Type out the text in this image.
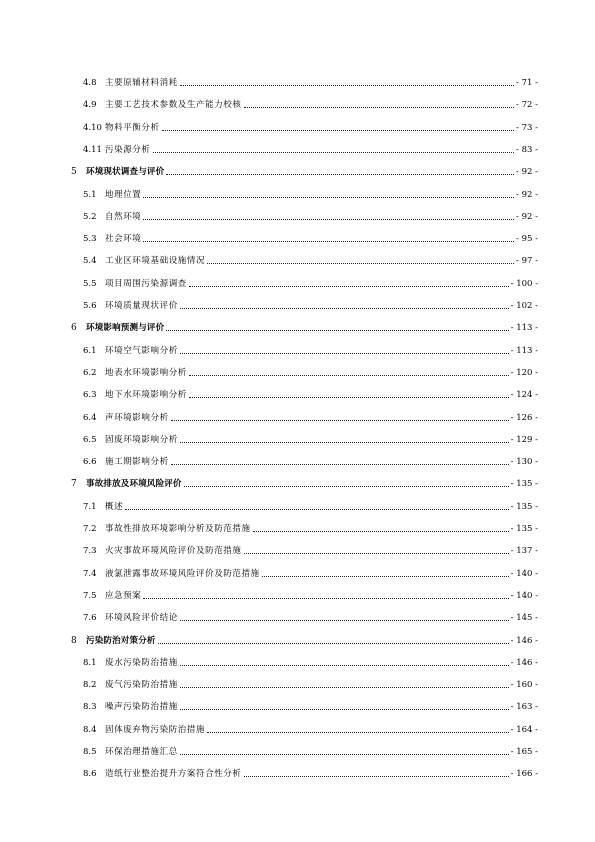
4.8 主要原辅材料消耗	- 71 -
4.9 主要工艺技术参数及生产能力校核	- 72 -
4.10 物料平衡分析	- 73 -
4.11 污染源分析	- 83 -
5 环境现状调查与评价	- 92 -
5.1 地理位置	- 92 -
5.2 自然环境	- 92 -
5.3 社会环境	- 95 -
5.4 工业区环境基础设施情况	- 97 -
5.5 项目周围污染源调查	- 100 -
5.6 环境质量现状评价	- 102 -
6 环境影响预测与评价	- 113 -
6.1 环境空气影响分析	- 113 -
6.2 地表水环境影响分析	- 120 -
6.3 地下水环境影响分析	- 124 -
6.4 声环境影响分析	- 126 -
6.5 固废环境影响分析	- 129 -
6.6 施工期影响分析	- 130 -
7 事故排放及环境风险评价	- 135 -
7.1 概述	- 135 -
7.2 事故性排放环境影响分析及防范措施	- 135 -
7.3 火灾事故环境风险评价及防范措施	- 137 -
7.4 液氯泄露事故环境风险评价及防范措施	- 140 -
7.5 应急预案	- 140 -
7.6 环境风险评价结论	- 145 -
8 污染防治对策分析	- 146 -
8.1 废水污染防治措施	- 146 -
8.2 废气污染防治措施	- 160 -
8.3 噪声污染防治措施	- 163 -
8.4 固体废弃物污染防治措施	- 164 -
8.5 环保治理措施汇总	- 165 -
8.6 造纸行业整治提升方案符合性分析	- 166 -
